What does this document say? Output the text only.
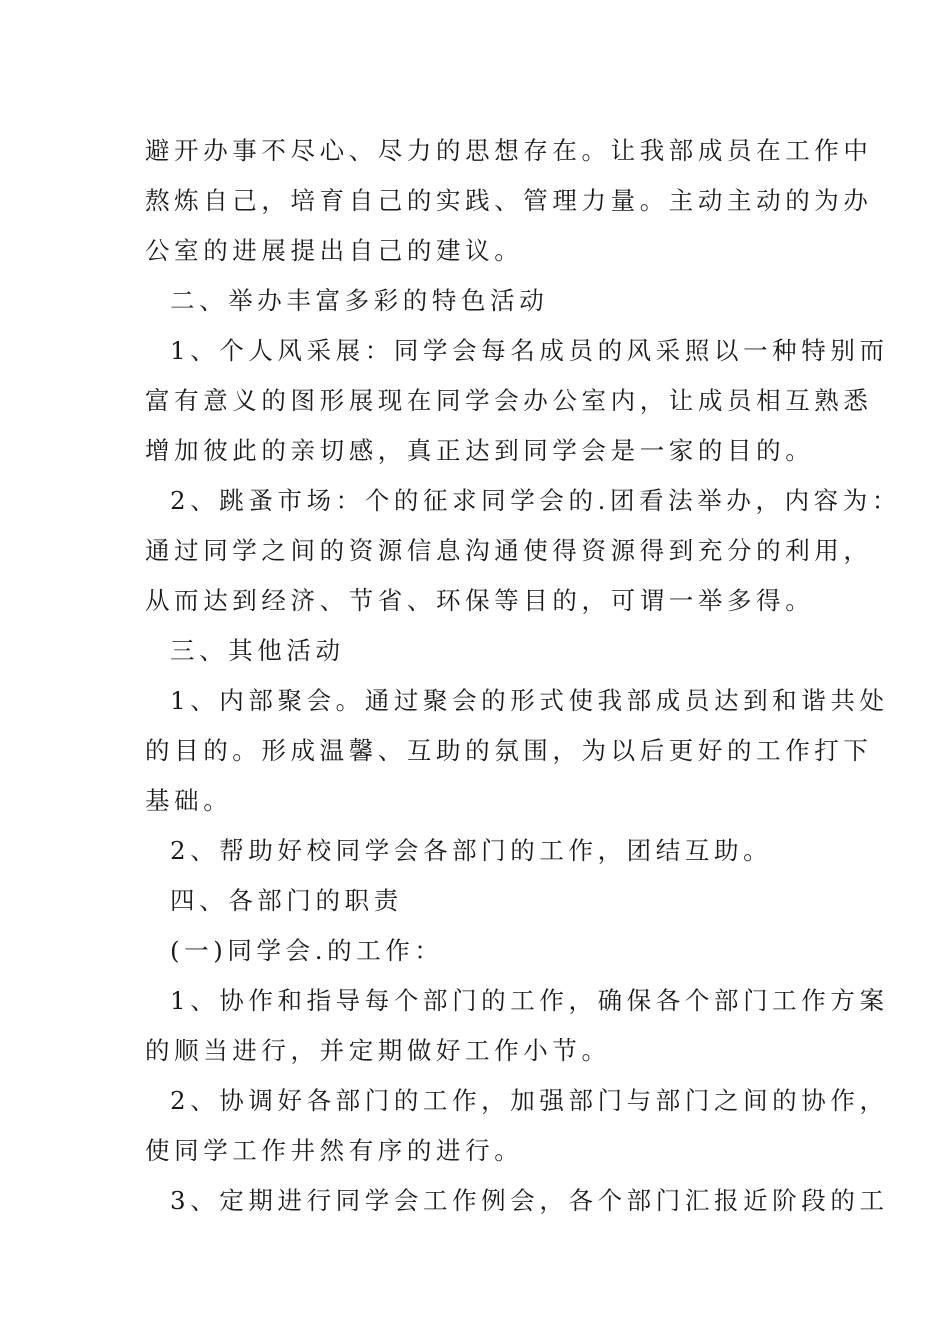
避开办事不尽心、尽力的思想存在。让我部成员在工作中
熬炼自己，培育自己的实践、管理力量。主动主动的为办
公室的进展提出自己的建议。
二、举办丰富多彩的特色活动
1、个人风采展：同学会每名成员的风采照以一种特别而
富有意义的图形展现在同学会办公室内，让成员相互熟悉
增加彼此的亲切感，真正达到同学会是一家的目的。
2、跳蚤市场：个的征求同学会的.团看法举办，内容为：
通过同学之间的资源信息沟通使得资源得到充分的利用，
从而达到经济、节省、环保等目的，可谓一举多得。
三、其他活动
1、内部聚会。通过聚会的形式使我部成员达到和谐共处
的目的。形成温馨、互助的氛围，为以后更好的工作打下
基础。
2、帮助好校同学会各部门的工作，团结互助。
四、各部门的职责
(一)同学会.的工作：
1、协作和指导每个部门的工作，确保各个部门工作方案
的顺当进行，并定期做好工作小节。
2、协调好各部门的工作，加强部门与部门之间的协作，
使同学工作井然有序的进行。
3、定期进行同学会工作例会，各个部门汇报近阶段的工
